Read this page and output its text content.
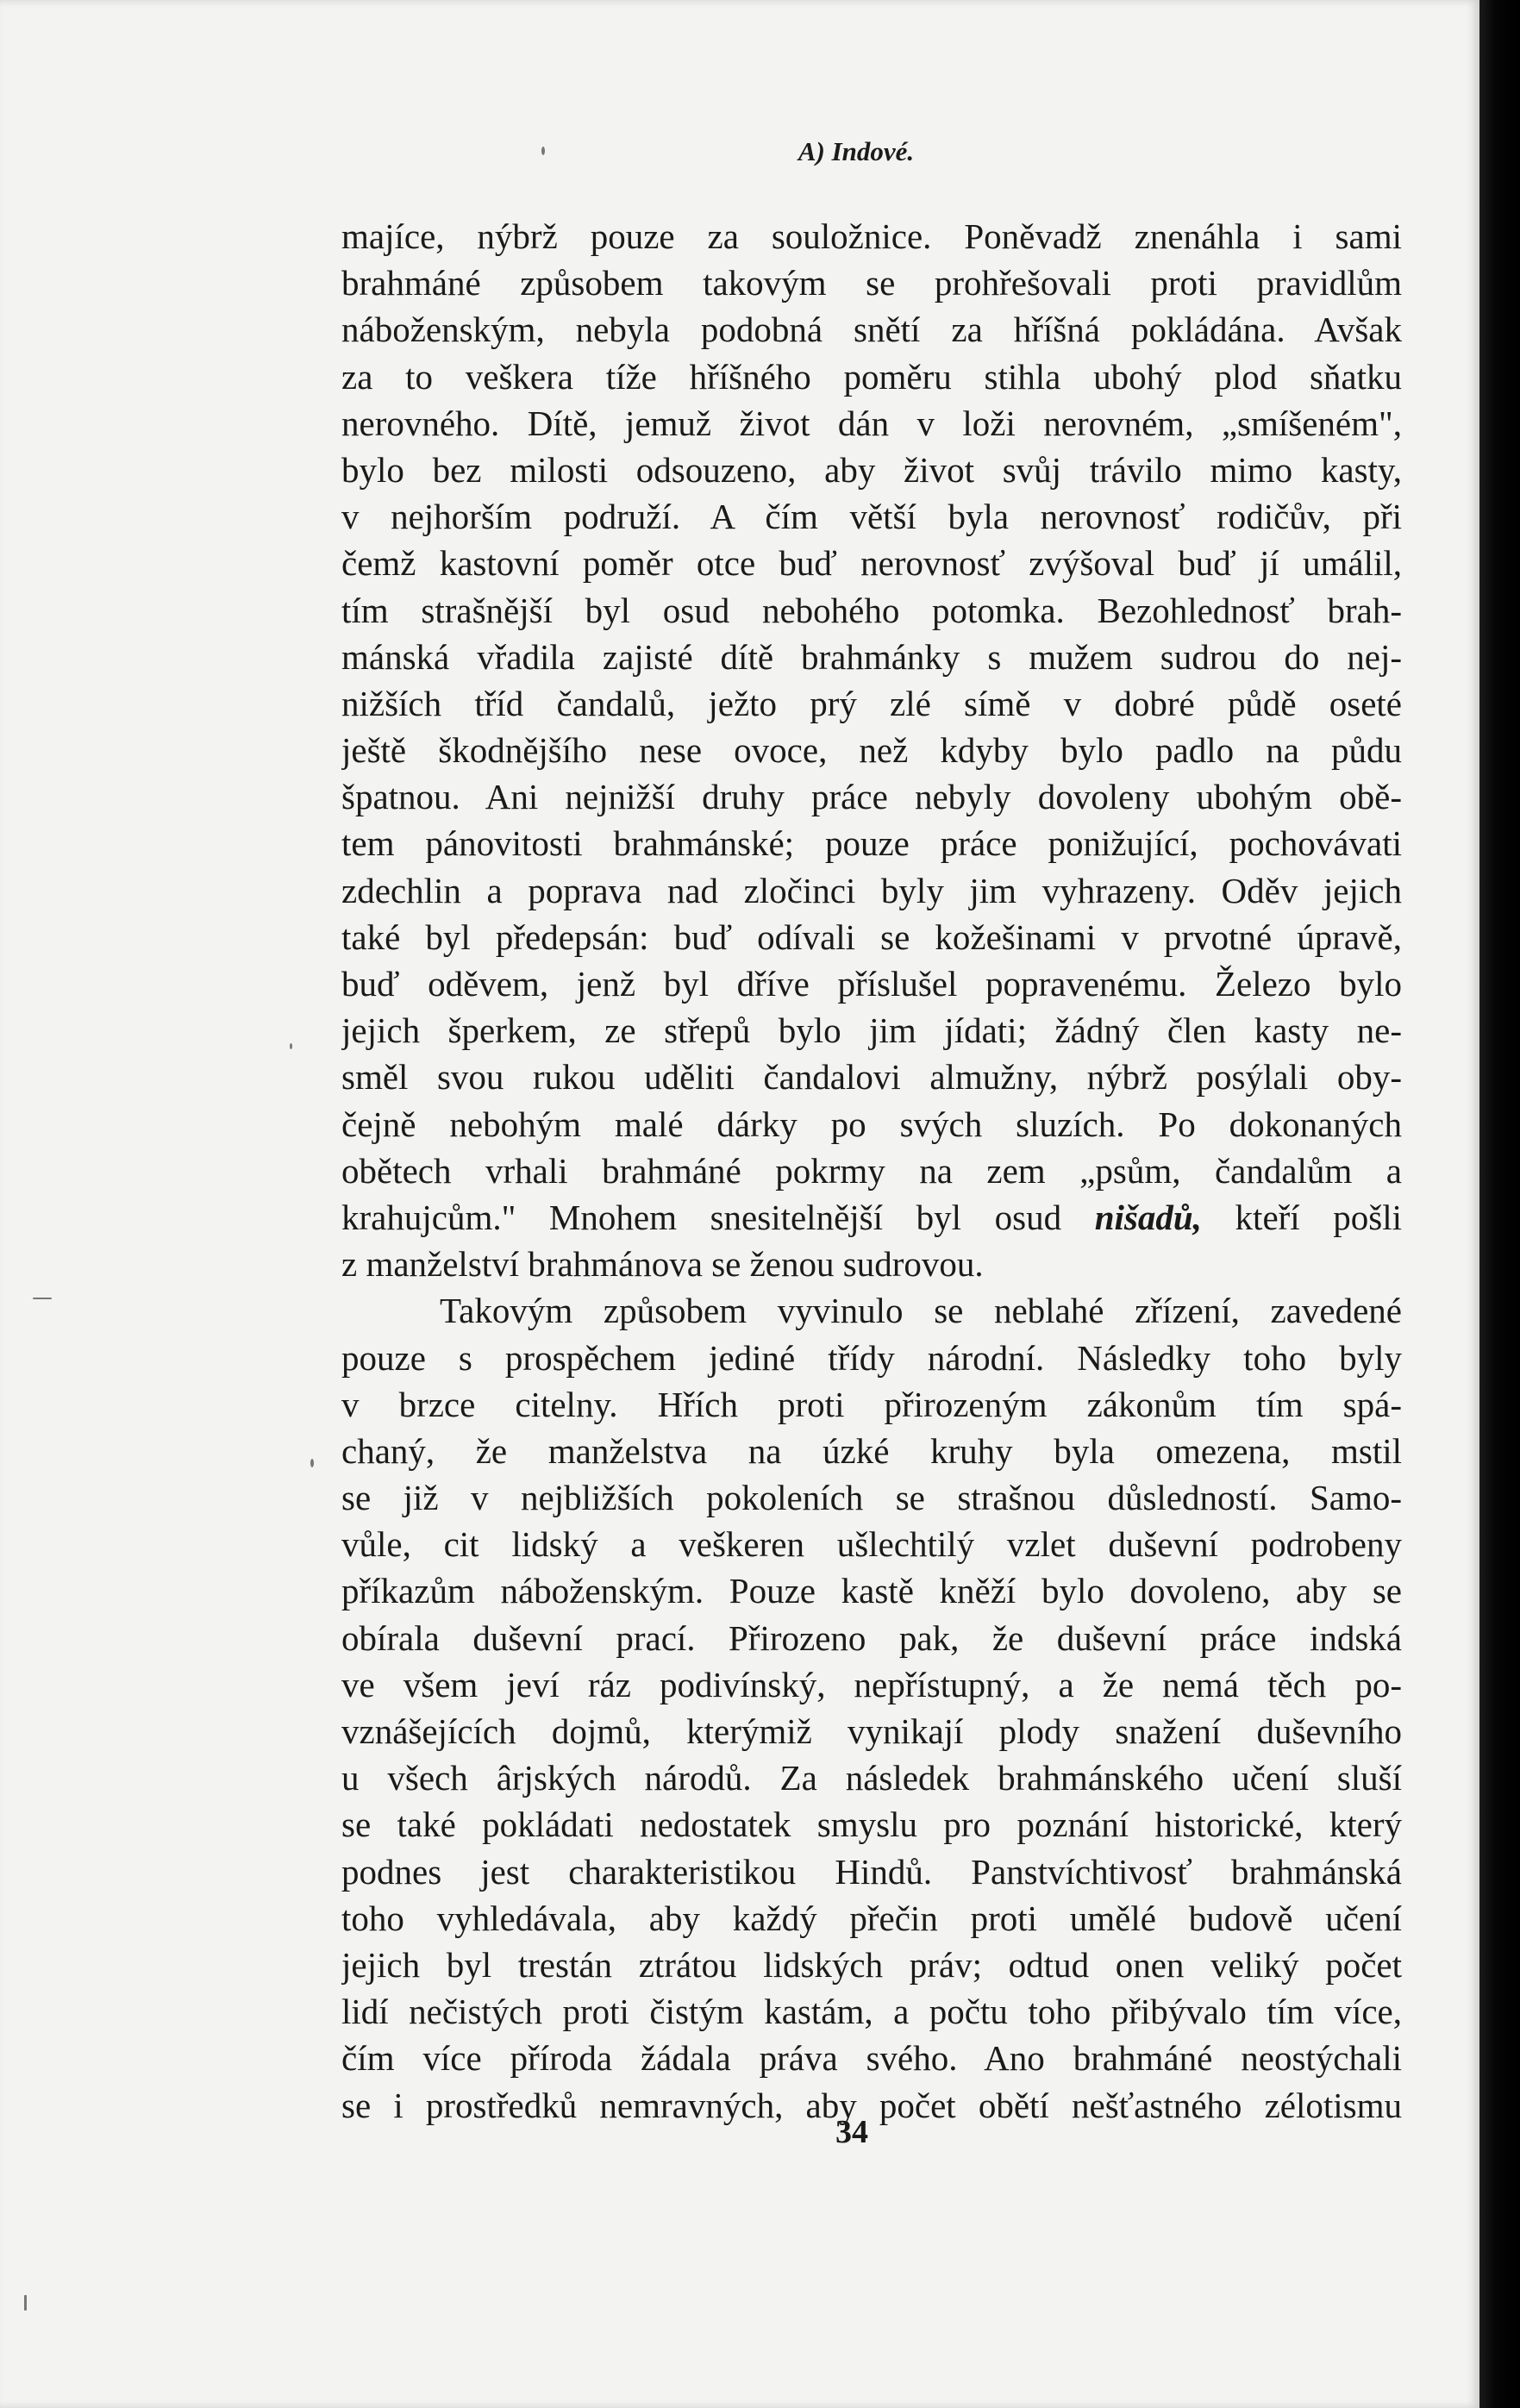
A) Indové.
majíce, nýbrž pouze za souložnice. Poněvadž znenáhla i sami
brahmáné způsobem takovým se prohřešovali proti pravidlům
náboženským, nebyla podobná snětí za hříšná pokládána. Avšak
za to veškera tíže hříšného poměru stihla ubohý plod sňatku
nerovného. Dítě, jemuž život dán v loži nerovném, „smíšeném",
bylo bez milosti odsouzeno, aby život svůj trávilo mimo kasty,
v nejhorším podruží. A čím větší byla nerovnosť rodičův, při
čemž kastovní poměr otce buď nerovnosť zvýšoval buď jí umálil,
tím strašnější byl osud nebohého potomka. Bezohlednosť brah-
mánská vřadila zajisté dítě brahmánky s mužem sudrou do nej-
nižších tříd čandalů, ježto prý zlé símě v dobré půdě oseté
ještě škodnějšího nese ovoce, než kdyby bylo padlo na půdu
špatnou. Ani nejnižší druhy práce nebyly dovoleny ubohým obě-
tem pánovitosti brahmánské; pouze práce ponižující, pochovávati
zdechlin a poprava nad zločinci byly jim vyhrazeny. Oděv jejich
také byl předepsán: buď odívali se kožešinami v prvotné úpravě,
buď oděvem, jenž byl dříve příslušel popravenému. Železo bylo
jejich šperkem, ze střepů bylo jim jídati; žádný člen kasty ne-
směl svou rukou uděliti čandalovi almužny, nýbrž posýlali oby-
čejně nebohým malé dárky po svých sluzích. Po dokonaných
obětech vrhali brahmáné pokrmy na zem „psům, čandalům a
krahujcům." Mnohem snesitelnější byl osud nišadů, kteří pošli
z manželství brahmánova se ženou sudrovou.
Takovým způsobem vyvinulo se neblahé zřízení, zavedené
pouze s prospěchem jediné třídy národní. Následky toho byly
v brzce citelny. Hřích proti přirozeným zákonům tím spá-
chaný, že manželstva na úzké kruhy byla omezena, mstil
se již v nejbližších pokoleních se strašnou důsledností. Samo-
vůle, cit lidský a veškeren ušlechtilý vzlet duševní podrobeny
příkazům náboženským. Pouze kastě kněží bylo dovoleno, aby se
obírala duševní prací. Přirozeno pak, že duševní práce indská
ve všem jeví ráz podivínský, nepřístupný, a že nemá těch po-
vznášejících dojmů, kterýmiž vynikají plody snažení duševního
u všech ârjských národů. Za následek brahmánského učení sluší
se také pokládati nedostatek smyslu pro poznání historické, který
podnes jest charakteristikou Hindů. Panstvíchtivosť brahmánská
toho vyhledávala, aby každý přečin proti umělé budově učení
jejich byl trestán ztrátou lidských práv; odtud onen veliký počet
lidí nečistých proti čistým kastám, a počtu toho přibývalo tím více,
čím více příroda žádala práva svého. Ano brahmáné neostýchali
se i prostředků nemravných, aby počet obětí nešťastného zélotismu
34
